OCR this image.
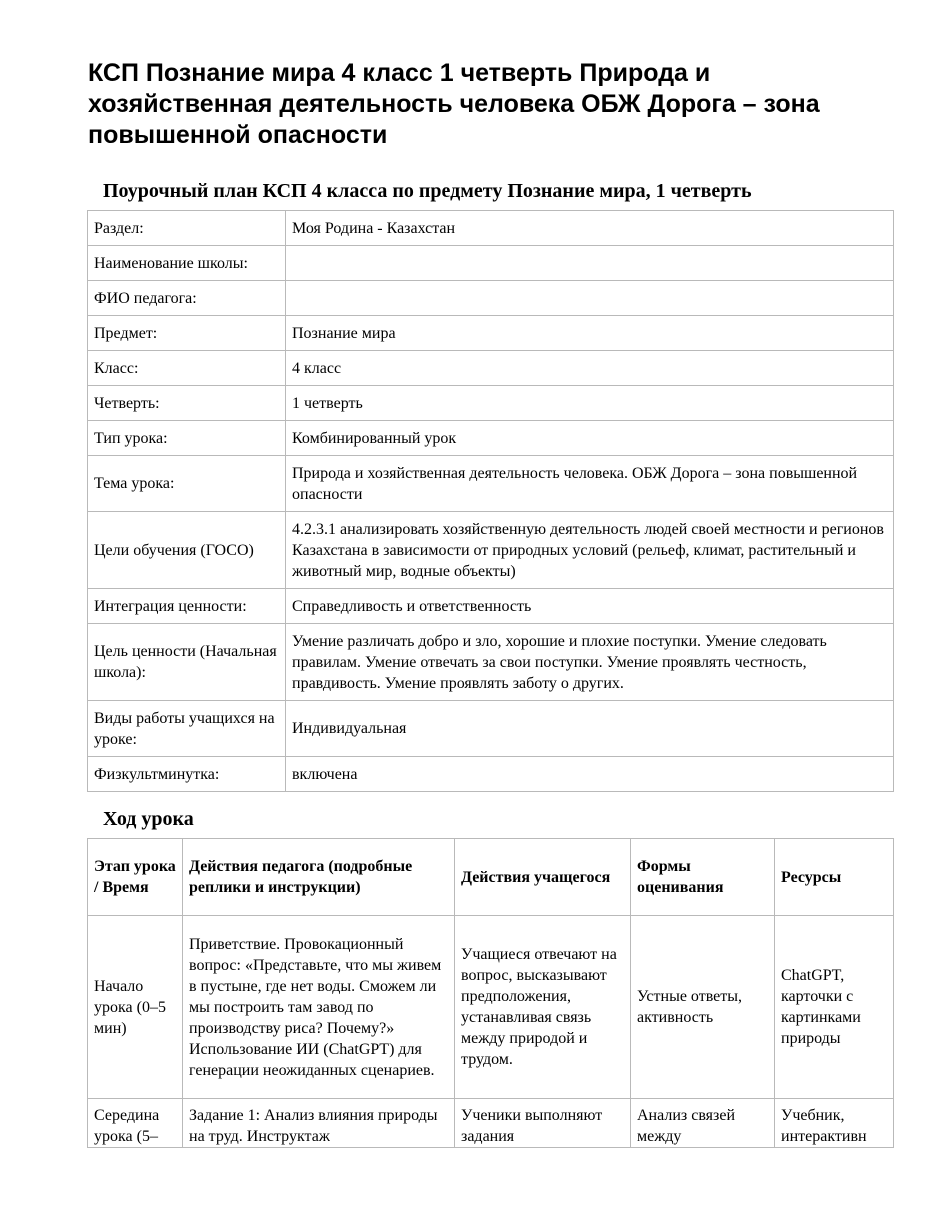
КСП Познание мира 4 класс 1 четверть Природа и хозяйственная деятельность человека ОБЖ Дорога – зона повышенной опасности
Поурочный план КСП 4 класса по предмету Познание мира, 1 четверть
Раздел:	Моя Родина - Казахстан
Наименование школы:	
ФИО педагога:	
Предмет:	Познание мира
Класс:	4 класс
Четверть:	1 четверть
Тип урока:	Комбинированный урок
Тема урока:	Природа и хозяйственная деятельность человека. ОБЖ Дорога – зона повышенной опасности
Цели обучения (ГОСО)	4.2.3.1 анализировать хозяйственную деятельность людей своей местности и регионов Казахстана в зависимости от природных условий (рельеф, климат, растительный и животный мир, водные объекты)
Интеграция ценности:	Справедливость и ответственность
Цель ценности (Начальная школа):	Умение различать добро и зло, хорошие и плохие поступки. Умение следовать правилам. Умение отвечать за свои поступки. Умение проявлять честность, правдивость. Умение проявлять заботу о других.
Виды работы учащихся на уроке:	Индивидуальная
Физкультминутка:	включена
Ход урока
Этап урока / Время	Действия педагога (подробные реплики и инструкции)	Действия учащегося	Формы оценивания	Ресурсы
Начало урока (0–5 мин)	Приветствие. Провокационный вопрос: «Представьте, что мы живем в пустыне, где нет воды. Сможем ли мы построить там завод по производству риса? Почему?» Использование ИИ (ChatGPT) для генерации неожиданных сценариев.	Учащиеся отвечают на вопрос, высказывают предположения, устанавливая связь между природой и трудом.	Устные ответы, активность	ChatGPT, карточки с картинками природы
Середина урока (5–	Задание 1: Анализ влияния природы на труд. Инструктаж	Ученики выполняют задания	Анализ связей между	Учебник, интерактивн
